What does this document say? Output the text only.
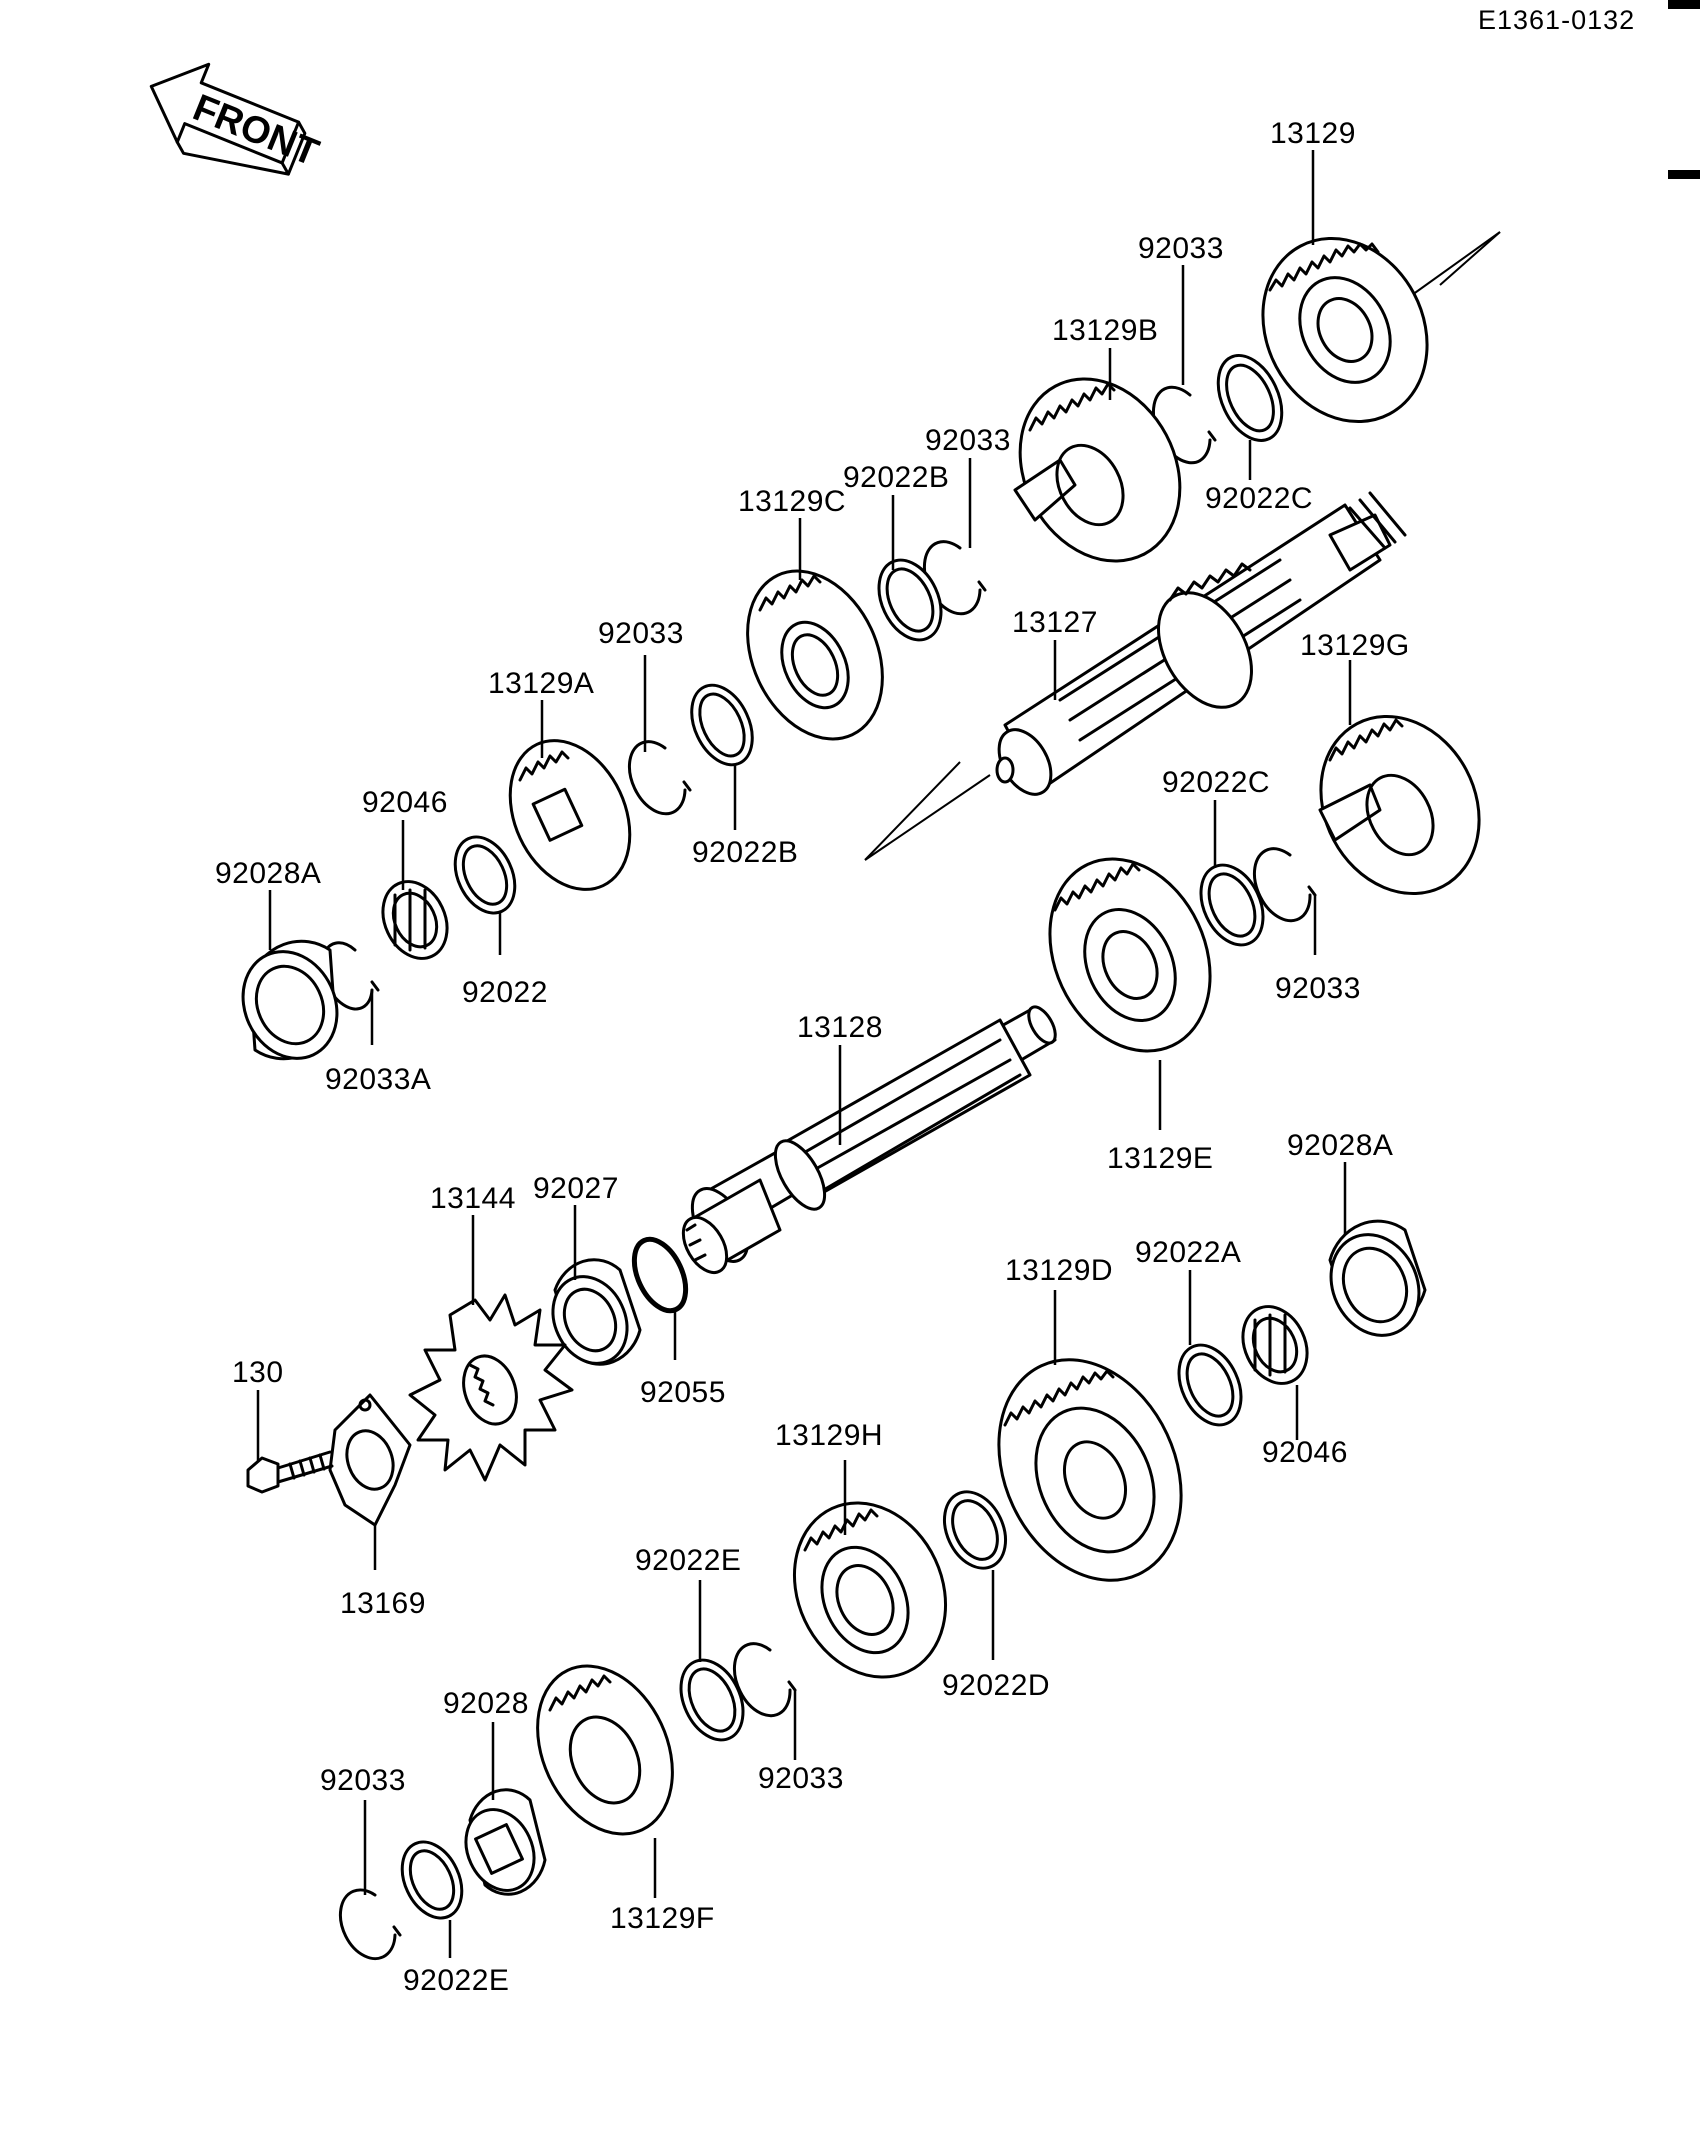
E1361-0132
FRONT	13129
92033
13129B
92022C
92033
92022B
13129C
13127
92033
13129A
92022B
92046
92028A
92022
92033A
13129G
92022C
92033
13128
13129E 92028A
13144 92027
92055
130
13169
13129D
92022A
92046
13129H
92022D
92022E
92033
92028
13129F
92033
92022E
